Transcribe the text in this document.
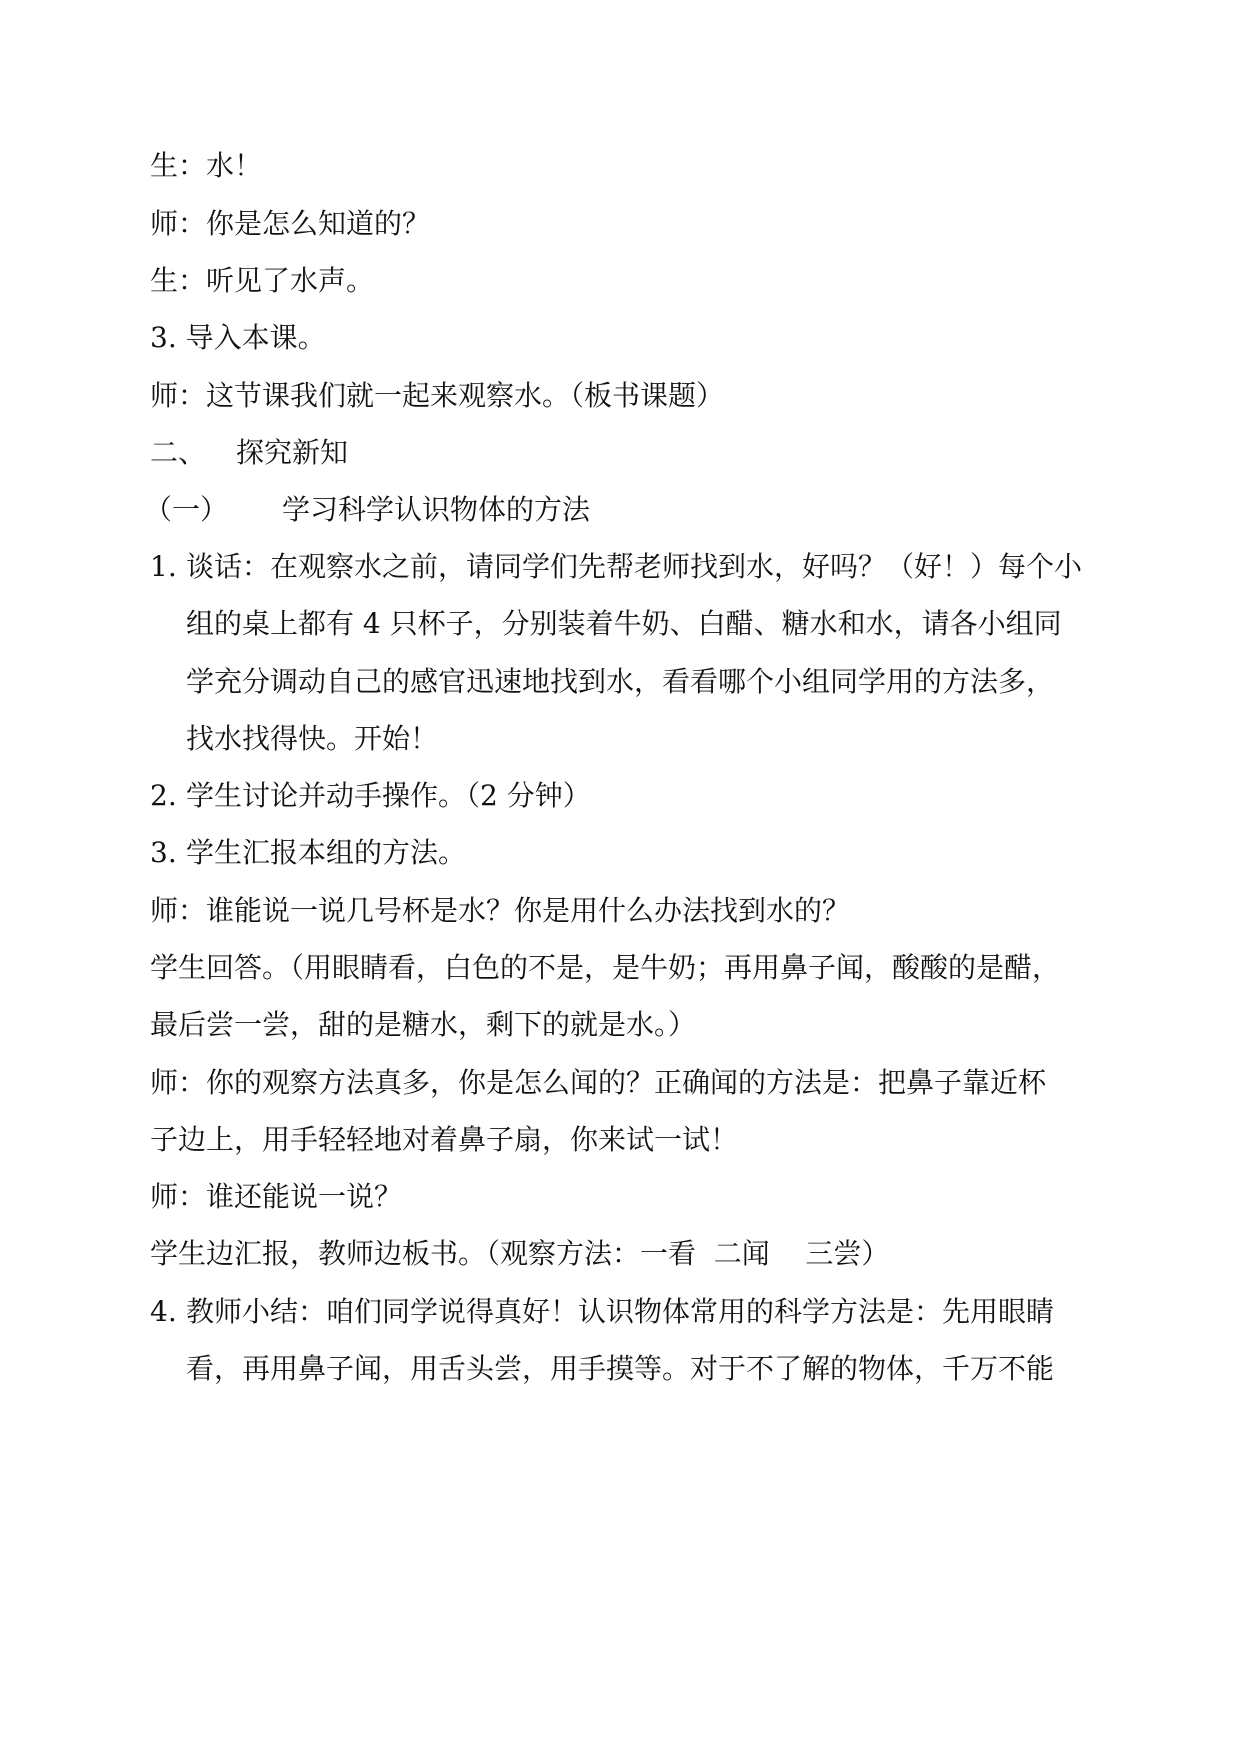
生：水！
师：你是怎么知道的？
生：听见了水声。
3. 导入本课。
师：这节课我们就一起来观察水。（板书课题）
二、 探究新知
（一） 学习科学认识物体的方法
1. 谈话：在观察水之前，请同学们先帮老师找到水，好吗？（好！）每个小
组的桌上都有 4 只杯子，分别装着牛奶、白醋、糖水和水，请各小组同
学充分调动自己的感官迅速地找到水，看看哪个小组同学用的方法多，
找水找得快。开始！
2. 学生讨论并动手操作。（2 分钟）
3. 学生汇报本组的方法。
师：谁能说一说几号杯是水？你是用什么办法找到水的？
学生回答。（用眼睛看，白色的不是，是牛奶；再用鼻子闻，酸酸的是醋，
最后尝一尝，甜的是糖水，剩下的就是水。）
师：你的观察方法真多，你是怎么闻的？正确闻的方法是：把鼻子靠近杯
子边上，用手轻轻地对着鼻子扇，你来试一试！
师：谁还能说一说？
学生边汇报，教师边板书。（观察方法：一看  二闻    三尝）
4. 教师小结：咱们同学说得真好！认识物体常用的科学方法是：先用眼睛
看，再用鼻子闻，用舌头尝，用手摸等。对于不了解的物体，千万不能
